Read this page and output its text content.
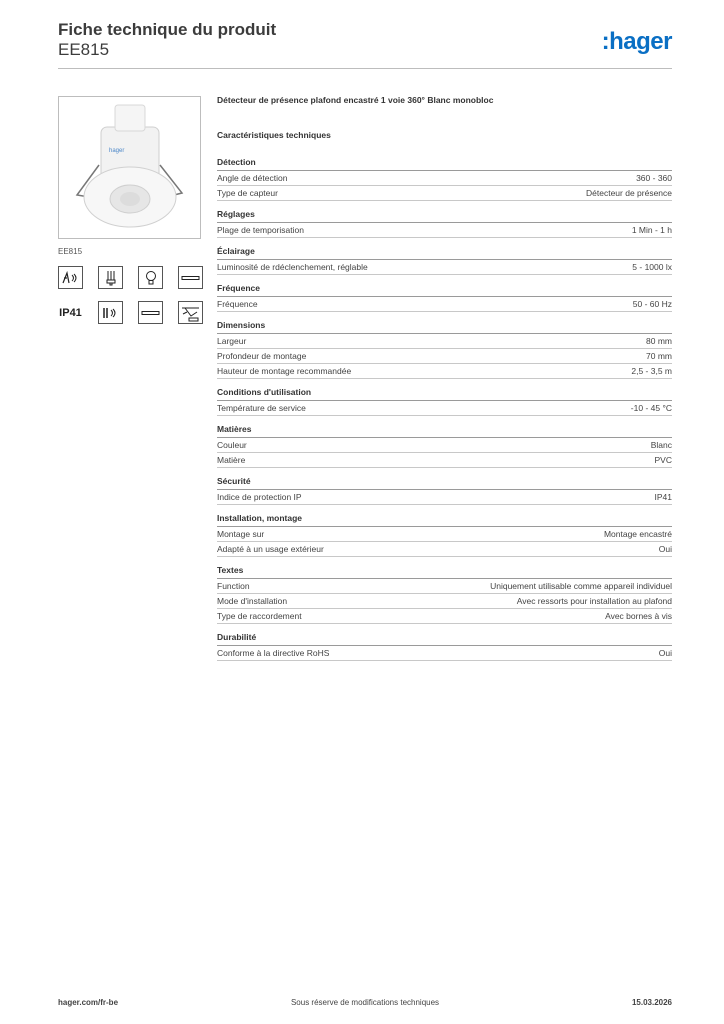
Fiche technique du produit
EE815	:hager
hager
EE815
IP41
Détecteur de présence plafond encastré 1 voie 360° Blanc monobloc
Caractéristiques techniques
Détection
Angle de détection	360 - 360
Type de capteur	Détecteur de présence
Réglages
Plage de temporisation	1 Min - 1 h
Éclairage
Luminosité de rdéclenchement, réglable	5 - 1000 lx
Fréquence
Fréquence	50 - 60 Hz
Dimensions
Largeur	80 mm
Profondeur de montage	70 mm
Hauteur de montage recommandée	2,5 - 3,5 m
Conditions d'utilisation
Température de service	-10 - 45 °C
Matières
Couleur	Blanc
Matière	PVC
Sécurité
Indice de protection IP	IP41
Installation, montage
Montage sur	Montage encastré
Adapté à un usage extérieur	Oui
Textes
Function	Uniquement utilisable comme appareil individuel
Mode d'installation	Avec ressorts pour installation au plafond
Type de raccordement	Avec bornes à vis
Durabilité
Conforme à la directive RoHS	Oui
hager.com/fr-be	Sous réserve de modifications techniques	15.03.2026
